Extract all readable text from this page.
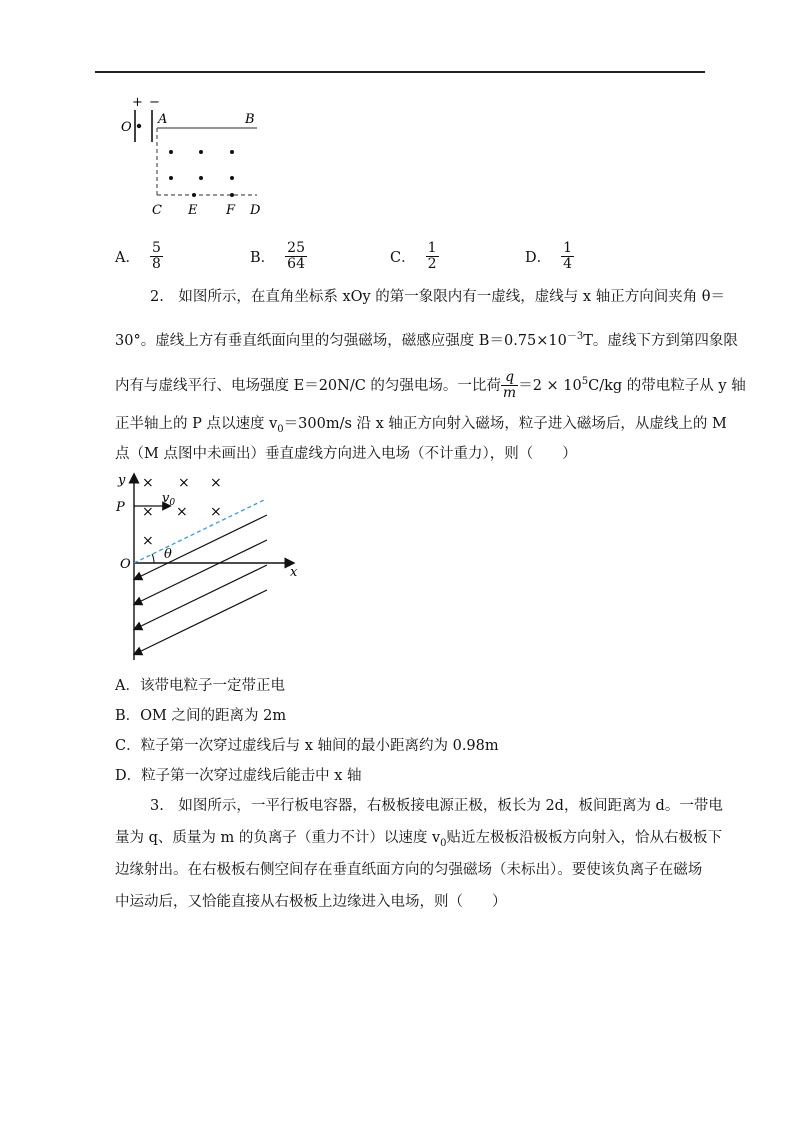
+ −
O
A	B
C E F D
A． $\frac{5}{8}$	B． $\frac{25}{64}$	C． $\frac{1}{2}$	D． $\frac{1}{4}$
2.　如图所示，在直角坐标系 xOy 的第一象限内有一虚线，虚线与 x 轴正方向间夹角 θ＝
30°。虚线上方有垂直纸面向里的匀强磁场，磁感应强度 $B=0.75\times 10^{-3}T$。虚线下方到第四象限
内有与虚线平行、电场强度 E＝20N/C 的匀强电场。一比荷 $\frac{q}{m} =2 \times 10^5C/kg$ 的带电粒子从 y 轴
正半轴上的 P 点以速度 $v_0=300m/s$ 沿 x 轴正方向射入磁场，粒子进入磁场后，从虚线上的 M
点（M 点图中未画出）垂直虚线方向进入电场（不计重力），则（　　）
y
P
O
x
$v_0$
θ
× × ×
× × ×
×
A．该带电粒子一定带正电
B．OM 之间的距离为 2m
C．粒子第一次穿过虚线后与 x 轴间的最小距离约为 0.98m
D．粒子第一次穿过虚线后能击中 x 轴
3.　如图所示，一平行板电容器，右极板接电源正极，板长为 2d，板间距离为 d。一带电
量为 q、质量为 m 的负离子（重力不计）以速度 $v_0$贴近左极板沿极板方向射入，恰从右极板下
边缘射出。在右极板右侧空间存在垂直纸面方向的匀强磁场（未标出）。要使该负离子在磁场
中运动后，又恰能直接从右极板上边缘进入电场，则（　　）
